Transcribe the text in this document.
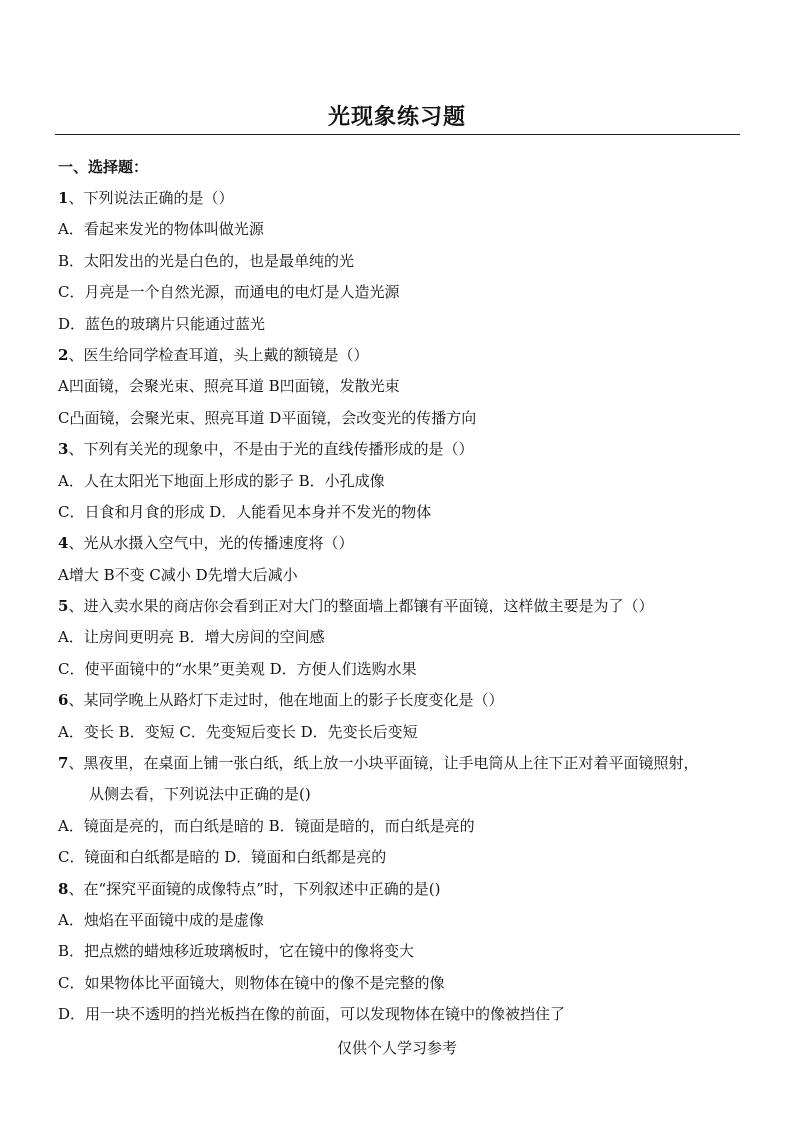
光现象练习题
一、选择题：
1、下列说法正确的是（）
A．看起来发光的物体叫做光源
B．太阳发出的光是白色的，也是最单纯的光
C．月亮是一个自然光源，而通电的电灯是人造光源
D．蓝色的玻璃片只能通过蓝光
2、医生给同学检查耳道，头上戴的额镜是（）
A凹面镜，会聚光束、照亮耳道 B凹面镜，发散光束
C凸面镜，会聚光束、照亮耳道 D平面镜，会改变光的传播方向
3、下列有关光的现象中，不是由于光的直线传播形成的是（）
A．人在太阳光下地面上形成的影子 B．小孔成像
C．日食和月食的形成 D．人能看见本身并不发光的物体
4、光从水摄入空气中，光的传播速度将（）
A增大 B不变 C减小 D先增大后减小
5、进入卖水果的商店你会看到正对大门的整面墙上都镶有平面镜，这样做主要是为了（）
A．让房间更明亮 B．增大房间的空间感
C．使平面镜中的“水果”更美观 D．方便人们选购水果
6、某同学晚上从路灯下走过时，他在地面上的影子长度变化是（）
A．变长 B．变短 C．先变短后变长 D．先变长后变短
7、黑夜里，在桌面上铺一张白纸，纸上放一小块平面镜，让手电筒从上往下正对着平面镜照射，
从侧去看，下列说法中正确的是()
A．镜面是亮的，而白纸是暗的 B．镜面是暗的，而白纸是亮的
C．镜面和白纸都是暗的 D．镜面和白纸都是亮的
8、在“探究平面镜的成像特点”时，下列叙述中正确的是()
A．烛焰在平面镜中成的是虚像
B．把点燃的蜡烛移近玻璃板时，它在镜中的像将变大
C．如果物体比平面镜大，则物体在镜中的像不是完整的像
D．用一块不透明的挡光板挡在像的前面，可以发现物体在镜中的像被挡住了
仅供个人学习参考
